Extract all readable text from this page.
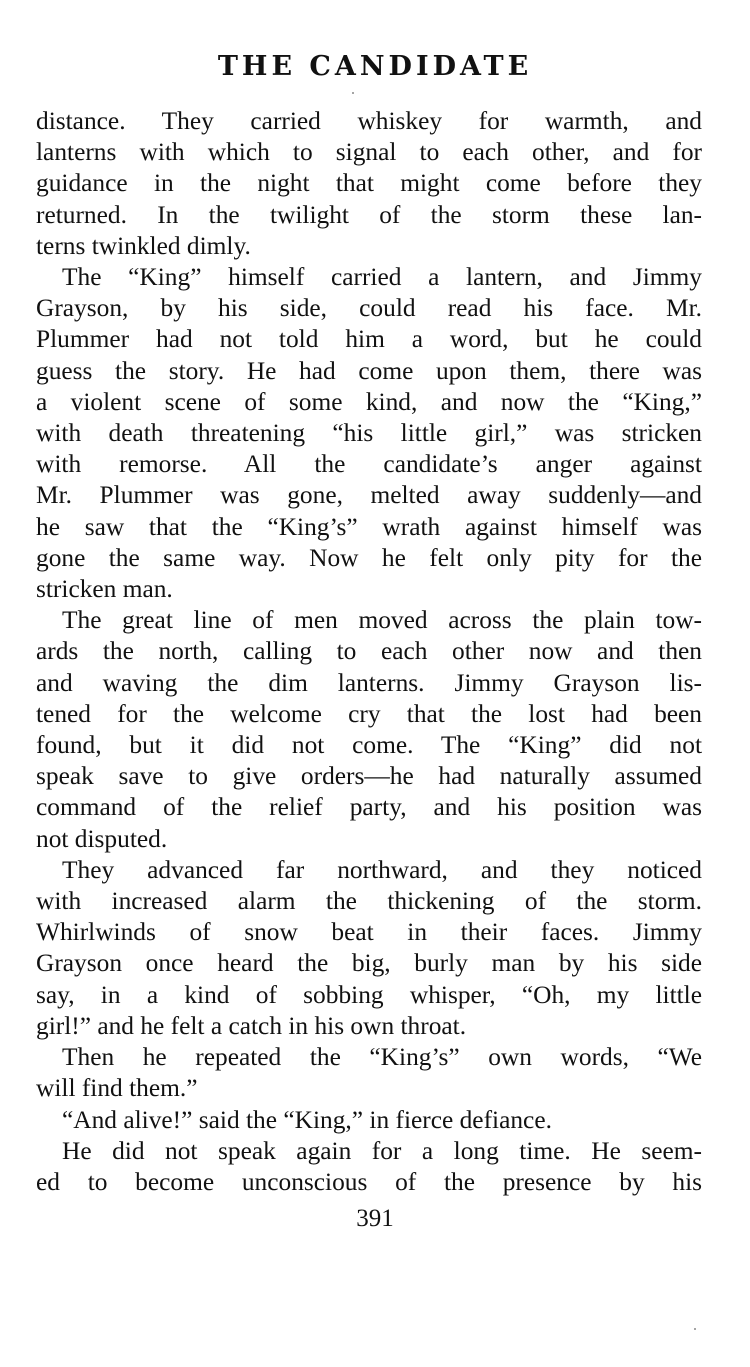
THE CANDIDATE
distance. They carried whiskey for warmth, and
lanterns with which to signal to each other, and for
guidance in the night that might come before they
returned. In the twilight of the storm these lan-
terns twinkled dimly.
The “King” himself carried a lantern, and Jimmy
Grayson, by his side, could read his face. Mr.
Plummer had not told him a word, but he could
guess the story. He had come upon them, there was
a violent scene of some kind, and now the “King,”
with death threatening “his little girl,” was stricken
with remorse. All the candidate’s anger against
Mr. Plummer was gone, melted away suddenly—and
he saw that the “King’s” wrath against himself was
gone the same way. Now he felt only pity for the
stricken man.
The great line of men moved across the plain tow-
ards the north, calling to each other now and then
and waving the dim lanterns. Jimmy Grayson lis-
tened for the welcome cry that the lost had been
found, but it did not come. The “King” did not
speak save to give orders—he had naturally assumed
command of the relief party, and his position was
not disputed.
They advanced far northward, and they noticed
with increased alarm the thickening of the storm.
Whirlwinds of snow beat in their faces. Jimmy
Grayson once heard the big, burly man by his side
say, in a kind of sobbing whisper, “Oh, my little
girl!” and he felt a catch in his own throat.
Then he repeated the “King’s” own words, “We
will find them.”
“And alive!” said the “King,” in fierce defiance.
He did not speak again for a long time. He seem-
ed to become unconscious of the presence by his
391
